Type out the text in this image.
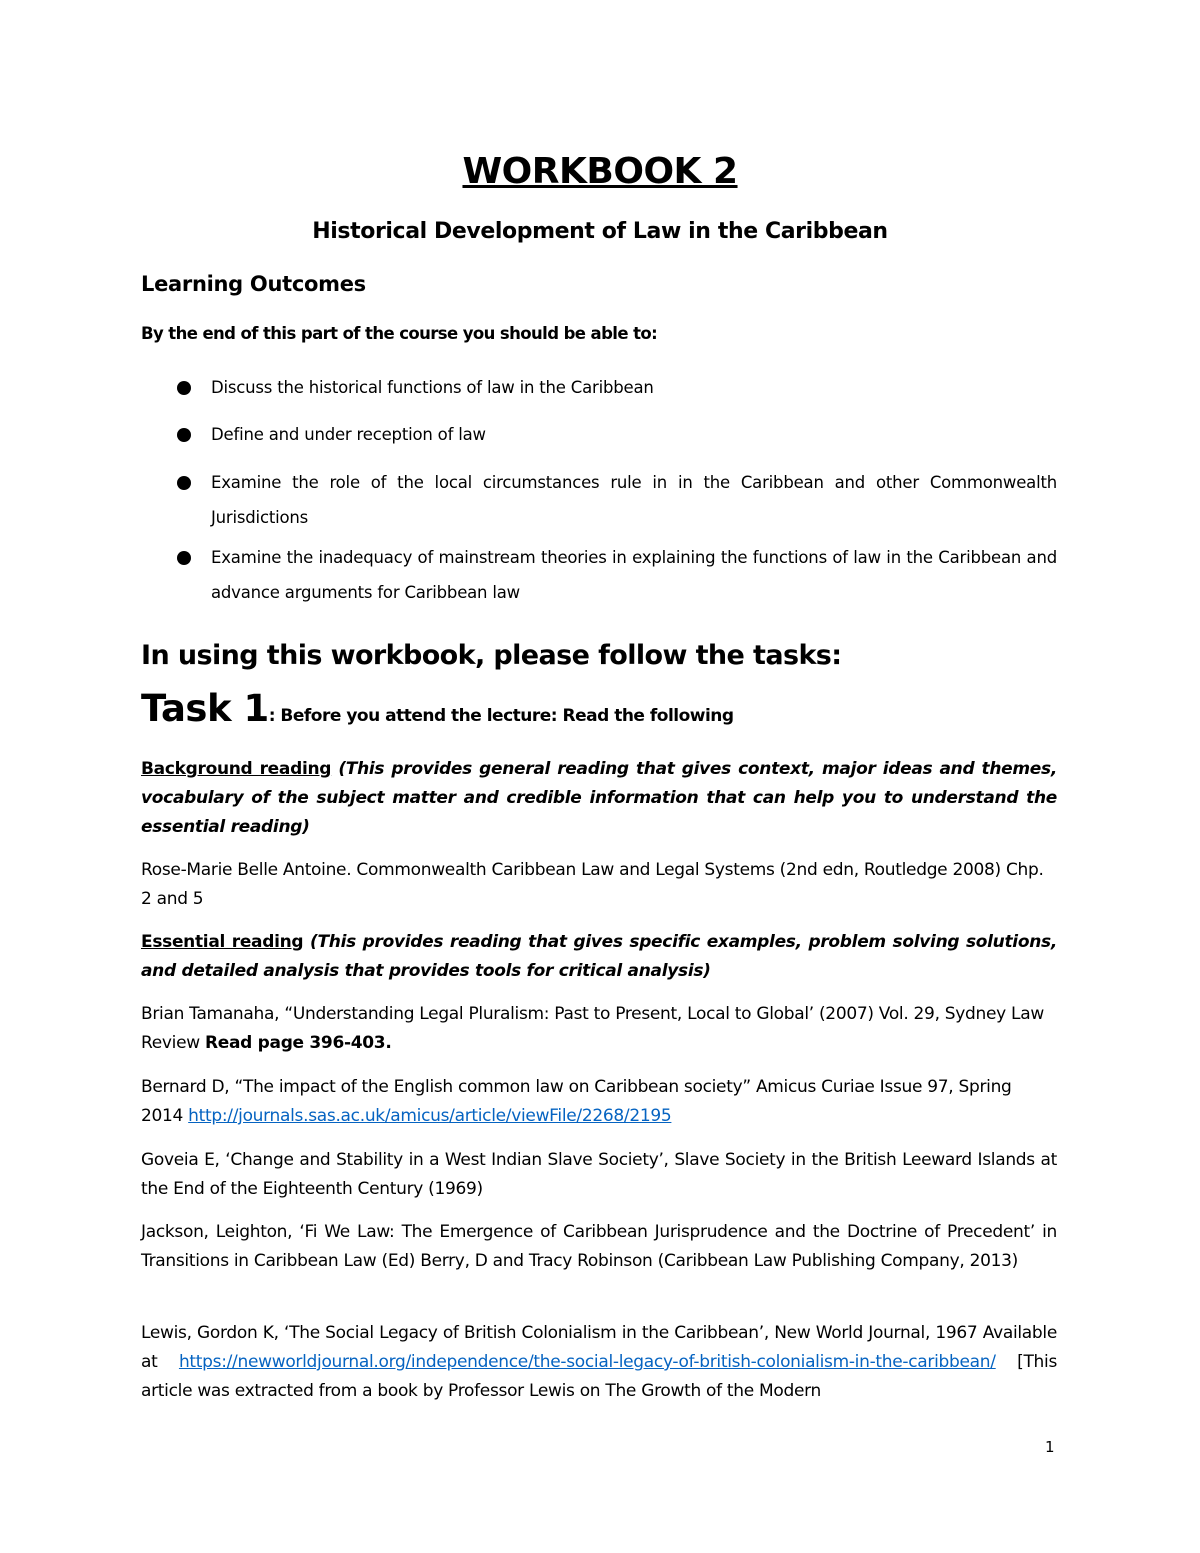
WORKBOOK 2
Historical Development of Law in the Caribbean
Learning Outcomes
By the end of this part of the course you should be able to:
Discuss the historical functions of law in the Caribbean
Define and under reception of law
Examine the role of the local circumstances rule in in the Caribbean and other Commonwealth Jurisdictions
Examine the inadequacy of mainstream theories in explaining the functions of law in the Caribbean and advance arguments for Caribbean law
In using this workbook, please follow the tasks:
Task 1: Before you attend the lecture: Read the following
Background reading (This provides general reading that gives context, major ideas and themes, vocabulary of the subject matter and credible information that can help you to understand the essential reading)
Rose-Marie Belle Antoine. Commonwealth Caribbean Law and Legal Systems (2nd edn, Routledge 2008) Chp. 2 and 5
Essential reading (This provides reading that gives specific examples, problem solving solutions, and detailed analysis that provides tools for critical analysis)
Brian Tamanaha, “Understanding Legal Pluralism: Past to Present, Local to Global’ (2007) Vol. 29, Sydney Law Review Read page 396-403.
Bernard D, “The impact of the English common law on Caribbean society” Amicus Curiae Issue 97, Spring 2014 http://journals.sas.ac.uk/amicus/article/viewFile/2268/2195
Goveia E, ‘Change and Stability in a West Indian Slave Society’, Slave Society in the British Leeward Islands at the End of the Eighteenth Century (1969)
Jackson, Leighton, ‘Fi We Law: The Emergence of Caribbean Jurisprudence and the Doctrine of Precedent’ in Transitions in Caribbean Law (Ed) Berry, D and Tracy Robinson (Caribbean Law Publishing Company, 2013)
Lewis, Gordon K, ‘The Social Legacy of British Colonialism in the Caribbean’, New World Journal, 1967 Available at https://newworldjournal.org/independence/the-social-legacy-of-british-colonialism-in-the-caribbean/ [This article was extracted from a book by Professor Lewis on The Growth of the Modern
1
